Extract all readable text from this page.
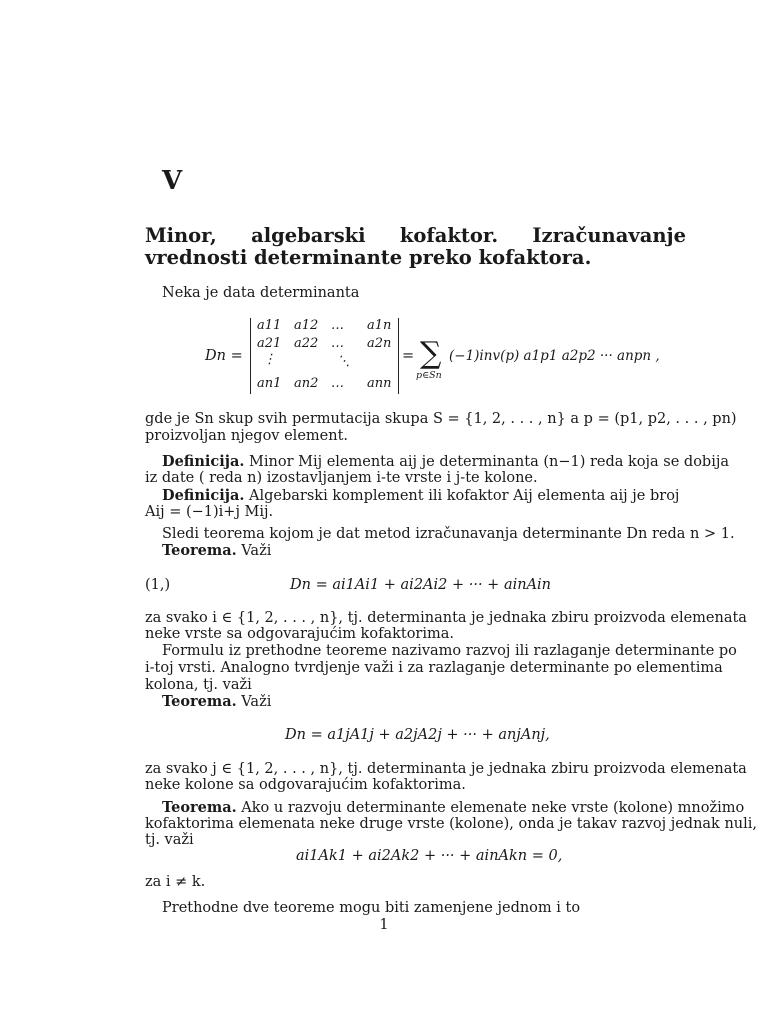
V
Minor, algebarski kofaktor. Izračunavanje
vrednosti determinante preko kofaktora.
Neka je data determinanta
Dn =
a11 a12 … a1n
a21 a22 … a2n
⋮	⋱
an1 an2 … ann
= ∑
p∈Sn
(−1)inv(p) a1p1 a2p2 ··· anpn ,
gde je Sn skup svih permutacija skupa S = {1, 2, . . . , n} a p = (p1, p2, . . . , pn)
proizvoljan njegov element.
Definicija. Minor Mij elementa aij je determinanta (n−1) reda koja se dobija
iz date ( reda n) izostavljanjem i-te vrste i j-te kolone.
Definicija. Algebarski komplement ili kofaktor Aij elementa aij je broj
Aij = (−1)i+j Mij.
Sledi teorema kojom je dat metod izračunavanja determinante Dn reda n > 1.
Teorema. Važi
(1,)	Dn = ai1Ai1 + ai2Ai2 + ··· + ainAin
za svako i ∈ {1, 2, . . . , n}, tj. determinanta je jednaka zbiru proizvoda elemenata
neke vrste sa odgovarajućim kofaktorima.
Formulu iz prethodne teoreme nazivamo razvoj ili razlaganje determinante po
i-toj vrsti. Analogno tvrdjenje važi i za razlaganje determinante po elementima
kolona, tj. važi
Teorema. Važi
Dn = a1jA1j + a2jA2j + ··· + anjAnj,
za svako j ∈ {1, 2, . . . , n}, tj. determinanta je jednaka zbiru proizvoda elemenata
neke kolone sa odgovarajućim kofaktorima.
Teorema. Ako u razvoju determinante elemenate neke vrste (kolone) množimo
kofaktorima elemenata neke druge vrste (kolone), onda je takav razvoj jednak nuli,
tj. važi
ai1Ak1 + ai2Ak2 + ··· + ainAkn = 0,
za i ≠ k.
Prethodne dve teoreme mogu biti zamenjene jednom i to
1
